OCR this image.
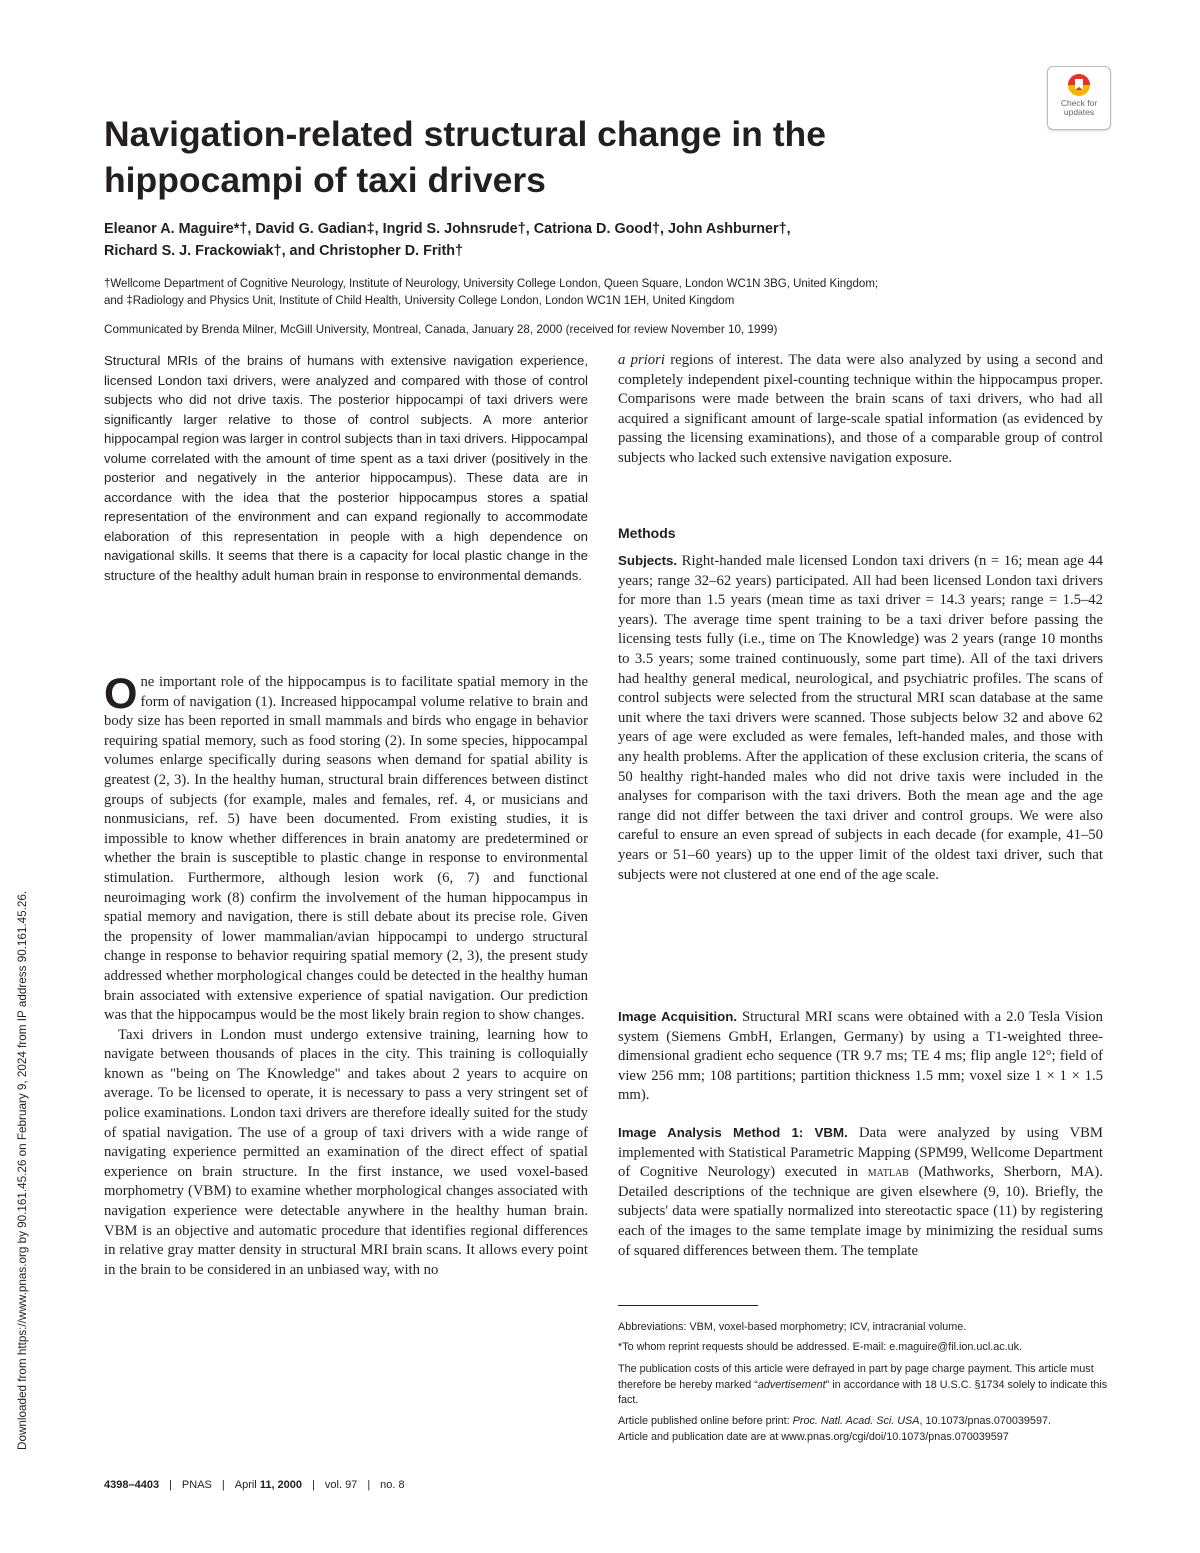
Check for
updates
Navigation-related structural change in the hippocampi of taxi drivers
Eleanor A. Maguire*†, David G. Gadian‡, Ingrid S. Johnsrude†, Catriona D. Good†, John Ashburner†,
Richard S. J. Frackowiak†, and Christopher D. Frith†
†Wellcome Department of Cognitive Neurology, Institute of Neurology, University College London, Queen Square, London WC1N 3BG, United Kingdom;
and ‡Radiology and Physics Unit, Institute of Child Health, University College London, London WC1N 1EH, United Kingdom
Communicated by Brenda Milner, McGill University, Montreal, Canada, January 28, 2000 (received for review November 10, 1999)

Structural MRIs of the brains of humans with extensive navigation experience, licensed London taxi drivers, were analyzed and compared with those of control subjects who did not drive taxis. The posterior hippocampi of taxi drivers were significantly larger relative to those of control subjects. A more anterior hippocampal region was larger in control subjects than in taxi drivers. Hippocampal volume correlated with the amount of time spent as a taxi driver (positively in the posterior and negatively in the anterior hippocampus). These data are in accordance with the idea that the posterior hippocampus stores a spatial representation of the environment and can expand regionally to accommodate elaboration of this representation in people with a high dependence on navigational skills. It seems that there is a capacity for local plastic change in the structure of the healthy adult human brain in response to environmental demands.

One important role of the hippocampus is to facilitate spatial memory in the form of navigation (1). Increased hippocampal volume relative to brain and body size has been reported in small mammals and birds who engage in behavior requiring spatial memory, such as food storing (2). In some species, hippocampal volumes enlarge specifically during seasons when demand for spatial ability is greatest (2, 3). In the healthy human, structural brain differences between distinct groups of subjects (for example, males and females, ref. 4, or musicians and nonmusicians, ref. 5) have been documented. From existing studies, it is impossible to know whether differences in brain anatomy are predetermined or whether the brain is susceptible to plastic change in response to environmental stimulation. Furthermore, although lesion work (6, 7) and functional neuroimaging work (8) confirm the involvement of the human hippocampus in spatial memory and navigation, there is still debate about its precise role. Given the propensity of lower mammalian/avian hippocampi to undergo structural change in response to behavior requiring spatial memory (2, 3), the present study addressed whether morphological changes could be detected in the healthy human brain associated with extensive experience of spatial navigation. Our prediction was that the hippocampus would be the most likely brain region to show changes.

Taxi drivers in London must undergo extensive training, learning how to navigate between thousands of places in the city. This training is colloquially known as "being on The Knowledge" and takes about 2 years to acquire on average. To be licensed to operate, it is necessary to pass a very stringent set of police examinations. London taxi drivers are therefore ideally suited for the study of spatial navigation. The use of a group of taxi drivers with a wide range of navigating experience permitted an examination of the direct effect of spatial experience on brain structure. In the first instance, we used voxel-based morphometry (VBM) to examine whether morphological changes associated with navigation experience were detectable anywhere in the healthy human brain. VBM is an objective and automatic procedure that identifies regional differences in relative gray matter density in structural MRI brain scans. It allows every point in the brain to be considered in an unbiased way, with no

a priori regions of interest. The data were also analyzed by using a second and completely independent pixel-counting technique within the hippocampus proper. Comparisons were made between the brain scans of taxi drivers, who had all acquired a significant amount of large-scale spatial information (as evidenced by passing the licensing examinations), and those of a comparable group of control subjects who lacked such extensive navigation exposure.

Methods

Subjects. Right-handed male licensed London taxi drivers (n = 16; mean age 44 years; range 32–62 years) participated. All had been licensed London taxi drivers for more than 1.5 years (mean time as taxi driver = 14.3 years; range = 1.5–42 years). The average time spent training to be a taxi driver before passing the licensing tests fully (i.e., time on The Knowledge) was 2 years (range 10 months to 3.5 years; some trained continuously, some part time). All of the taxi drivers had healthy general medical, neurological, and psychiatric profiles. The scans of control subjects were selected from the structural MRI scan database at the same unit where the taxi drivers were scanned. Those subjects below 32 and above 62 years of age were excluded as were females, left-handed males, and those with any health problems. After the application of these exclusion criteria, the scans of 50 healthy right-handed males who did not drive taxis were included in the analyses for comparison with the taxi drivers. Both the mean age and the age range did not differ between the taxi driver and control groups. We were also careful to ensure an even spread of subjects in each decade (for example, 41–50 years or 51–60 years) up to the upper limit of the oldest taxi driver, such that subjects were not clustered at one end of the age scale.

Image Acquisition. Structural MRI scans were obtained with a 2.0 Tesla Vision system (Siemens GmbH, Erlangen, Germany) by using a T1-weighted three-dimensional gradient echo sequence (TR 9.7 ms; TE 4 ms; flip angle 12°; field of view 256 mm; 108 partitions; partition thickness 1.5 mm; voxel size 1 × 1 × 1.5 mm).

Image Analysis Method 1: VBM. Data were analyzed by using VBM implemented with Statistical Parametric Mapping (SPM99, Wellcome Department of Cognitive Neurology) executed in matlab (Mathworks, Sherborn, MA). Detailed descriptions of the technique are given elsewhere (9, 10). Briefly, the subjects' data were spatially normalized into stereotactic space (11) by registering each of the images to the same template image by minimizing the residual sums of squared differences between them. The template

Abbreviations: VBM, voxel-based morphometry; ICV, intracranial volume.

*To whom reprint requests should be addressed. E-mail: e.maguire@fil.ion.ucl.ac.uk.

The publication costs of this article were defrayed in part by page charge payment. This article must therefore be hereby marked “advertisement” in accordance with 18 U.S.C. §1734 solely to indicate this fact.

Article published online before print: Proc. Natl. Acad. Sci. USA, 10.1073/pnas.070039597.

Article and publication date are at www.pnas.org/cgi/doi/10.1073/pnas.070039597

Downloaded from https://www.pnas.org by 90.161.45.26 on February 9, 2024 from IP address 90.161.45.26.
4398–4403 | PNAS | April 11, 2000 | vol. 97 | no. 8
